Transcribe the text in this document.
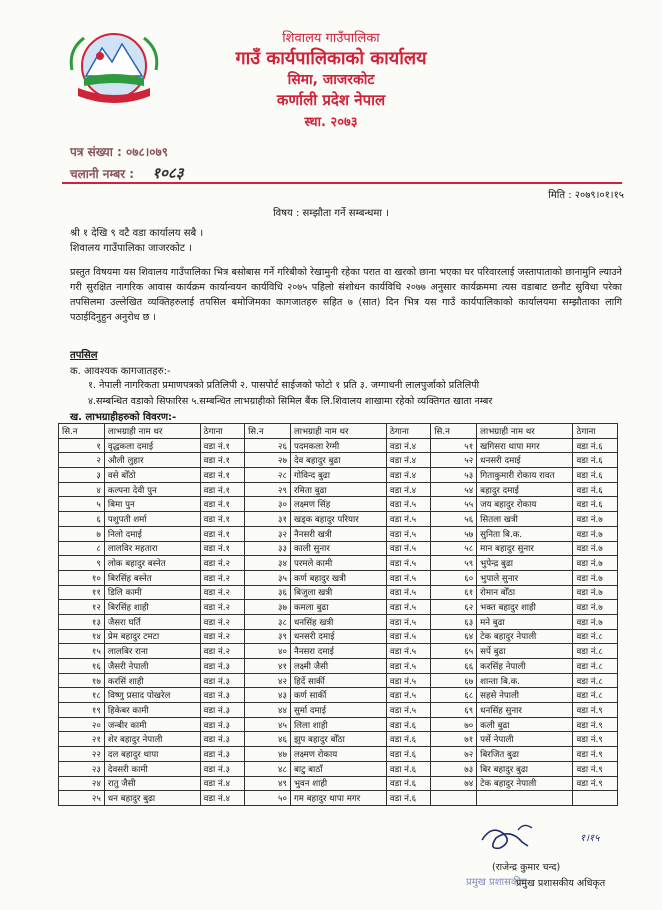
शिवालय गाउँपालिका
गाउँ कार्यपालिकाको कार्यालय
सिमा, जाजरकोट
कर्णाली प्रदेश नेपाल
स्था. २०७३
पत्र संख्या : ०७८।०७९
चलानी नम्बर : १०८३
मिति : २०७९।०१।१५
विषय : सम्झौता गर्ने सम्बन्धमा ।
श्री १ देखि ९ वटै वडा कार्यालय सबै ।
शिवालय गाउँपालिका जाजरकोट ।
प्रस्तुत विषयमा यस शिवालय गाउँपालिका भित्र बसोबास गर्ने गरिबीको रेखामुनी रहेका परात वा खरको छाना भएका घर परिवारलाई जस्तापाताको छानामुनि ल्याउने गरी सुरक्षित नागरिक आवास कार्यक्रम कार्यान्वयन कार्यविधि २०७५ पहिलो संशोधन कार्यविधि २०७७ अनुसार कार्यक्रममा त्यस वडाबाट छनौट सुविधा परेका तपसिलमा उल्लेखित व्यक्तिहरुलाई तपसिल बमोजिमका कागजातहरु सहित ७ (सात) दिन भित्र यस गाउँ कार्यपालिकाको कार्यालयमा सम्झौताका लागि पठाईदिनुहुन अनुरोध छ ।
तपसिल
क. आवश्यक कागजातहरु:-
१. नेपाली नागरिकता प्रमाणपत्रको प्रतिलिपी २. पासपोर्ट साईजको फोटो १ प्रति ३. जग्गाधनी लालपुर्जाको प्रतिलिपी
४.सम्बन्धित वडाको सिफारिस ५.सम्बन्धित लाभग्राहीको सिमिल बैंक लि.शिवालय शाखामा रहेको व्यक्तिगत खाता नम्बर
ख. लाभग्राहीहरुको विवरण:-
सि.न	लाभग्राही नाम थर	ठेगाना	सि.न	लाभग्राही नाम थर	ठेगाना	सि.न	लाभग्राही नाम थर	ठेगाना
१	वृद्धकला दमाई	वडा नं.१	२६	पदमकला रेग्मी	वडा नं.४	५१	खगिसरा थापा मगर	वडा नं.६
२	औली लुहार	वडा नं.१	२७	देव बहादुर बुढा	वडा नं.४	५२	धनसरी दमाई	वडा नं.६
३	वसे बोँठो	वडा नं.१	२८	गोविन्द बुढा	वडा नं.४	५३	गिताकुमारी रोकाय रावत	वडा नं.६
४	कल्पना देवी पुन	वडा नं.१	२९	रमिता बुढा	वडा नं.४	५४	बहादुर दमाई	वडा नं.६
५	बिमा पुन	वडा नं.१	३०	लक्ष्मण सिंह	वडा नं.५	५५	जय बहादुर रोकाय	वडा नं.६
६	पशुपती शर्मा	वडा नं.१	३१	खड्क बहादुर परियार	वडा नं.५	५६	सितला खत्री	वडा नं.७
७	निलो दमाई	वडा नं.१	३२	नैनसरी खत्री	वडा नं.५	५७	सुनिता बि.क.	वडा नं.७
८	लालविर महतारा	वडा नं.१	३३	काली सुनार	वडा नं.५	५८	मान बहादुर सुनार	वडा नं.७
९	लोक बहादुर बस्नेत	वडा नं.२	३४	परमले कामी	वडा नं.५	५९	भुपेन्द्र बुढा	वडा नं.७
१०	बिरसिंह बस्नेत	वडा नं.२	३५	कर्ण बहादुर खत्री	वडा नं.५	६०	भुपाले सुनार	वडा नं.७
११	डिलि कामी	वडा नं.२	३६	बिजुला खत्री	वडा नं.५	६१	रोमान बोँठा	वडा नं.७
१२	बिरसिंह शाही	वडा नं.२	३७	कमला बुढा	वडा नं.५	६२	भक्त बहादुर शाही	वडा नं.७
१३	जैसरा घर्ति	वडा नं.२	३८	धनसिंह खत्री	वडा नं.५	६३	मने बुढा	वडा नं.७
१४	प्रेम बहादुर टमटा	वडा नं.२	३९	धनसरी दमाई	वडा नं.५	६४	टेक बहादुर नेपाली	वडा नं.८
१५	लालबिर राना	वडा नं.२	४०	नैनसरा दमाई	वडा नं.५	६५	सर्पे बुढा	वडा नं.८
१६	जैसरी नेपाली	वडा नं.३	४१	लक्ष्मी जैसी	वडा नं.५	६६	करसिंह नेपाली	वडा नं.८
१७	करसिं शाही	वडा नं.३	४२	हिर्दे सार्की	वडा नं.५	६७	शान्ता बि.क.	वडा नं.८
१८	विष्णु प्रसाद पोखरेल	वडा नं.३	४३	कर्ण सार्की	वडा नं.५	६८	सहसे नेपाली	वडा नं.८
१९	हिकेबर कामी	वडा नं.३	४४	सुर्मा दमाई	वडा नं.५	६९	धनसिंह सुनार	वडा नं.९
२०	जन्बीर कामी	वडा नं.३	४५	लिला शाही	वडा नं.६	७०	कली बुढा	वडा नं.९
२१	शेर बहादुर नेपाली	वडा नं.३	४६	झुप बहादुर बोँठा	वडा नं.६	७१	पर्से नेपाली	वडा नं.९
२२	दल बहादुर थापा	वडा नं.३	४७	लक्ष्मण रोकाय	वडा नं.६	७२	बिरजित बुढा	वडा नं.९
२३	देवसरी कामी	वडा नं.३	४८	बाटु बाठाँ	वडा नं.६	७३	बिर बहादुर बुढा	वडा नं.९
२४	रातु जैसी	वडा नं.४	४९	भुवन शाही	वडा नं.६	७४	टेक बहादुर नेपाली	वडा नं.९
२५	धन बहादुर बुढा	वडा नं.४	५०	गम बहादुर थापा मगर	वडा नं.६			
१।१५
प्रमुख प्रशासकीय
(राजेन्द्र कुमार चन्द)
प्रमुख प्रशासकीय अधिकृत
